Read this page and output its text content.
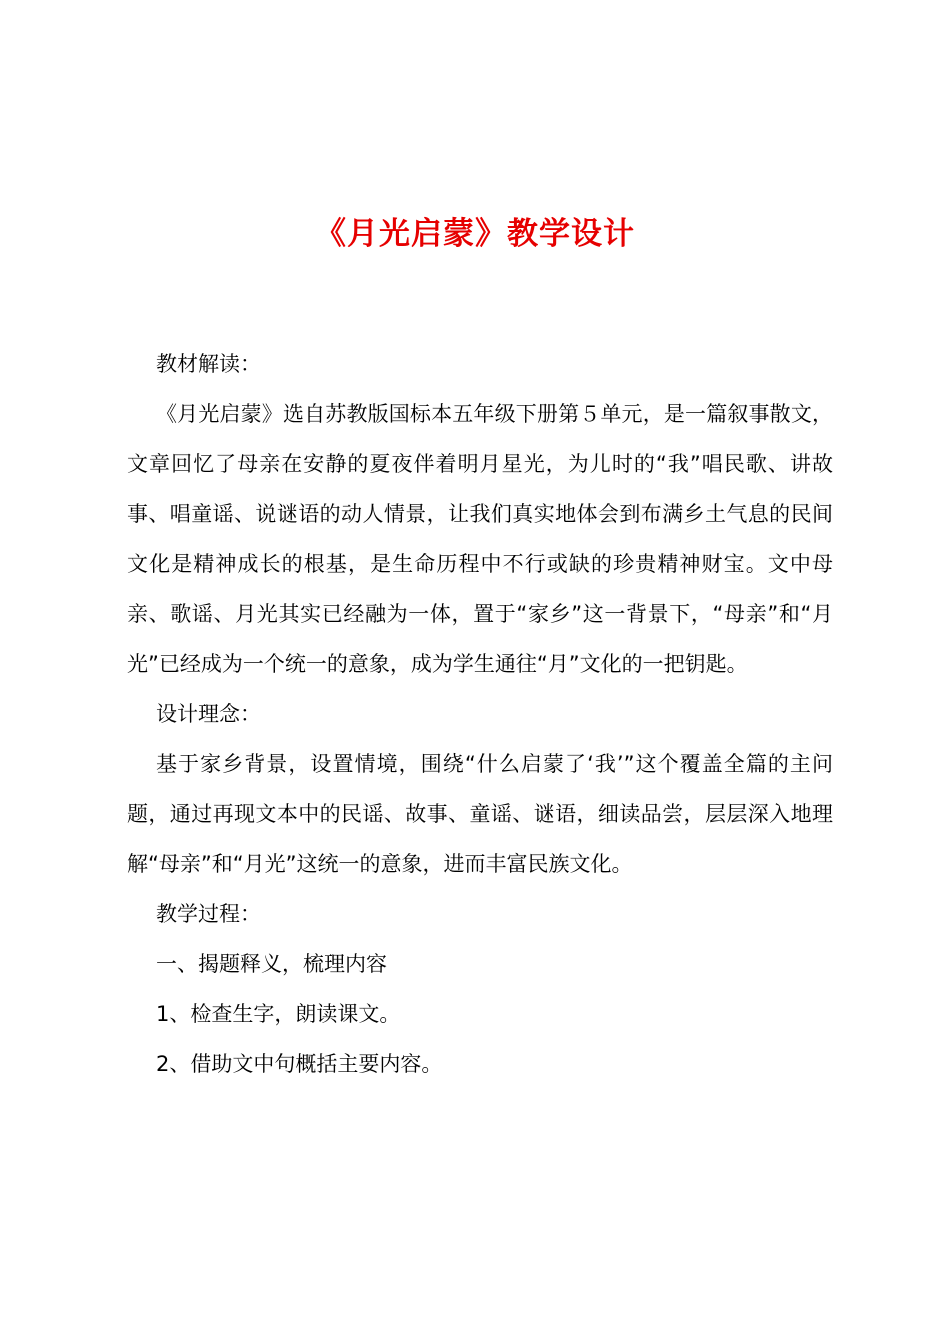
《月光启蒙》教学设计

教材解读：

《月光启蒙》选自苏教版国标本五年级下册第５单元，是一篇叙事散文，文章回忆了母亲在安静的夏夜伴着明月星光，为儿时的“我”唱民歌、讲故事、唱童谣、说谜语的动人情景，让我们真实地体会到布满乡土气息的民间文化是精神成长的根基，是生命历程中不行或缺的珍贵精神财宝。文中母亲、歌谣、月光其实已经融为一体，置于“家乡”这一背景下，“母亲”和“月光”已经成为一个统一的意象，成为学生通往“月”文化的一把钥匙。

设计理念：

基于家乡背景，设置情境，围绕“什么启蒙了‘我’”这个覆盖全篇的主问题，通过再现文本中的民谣、故事、童谣、谜语，细读品尝，层层深入地理解“母亲”和“月光”这统一的意象，进而丰富民族文化。

教学过程：

一、揭题释义，梳理内容

1、检查生字，朗读课文。

2、借助文中句概括主要内容。
